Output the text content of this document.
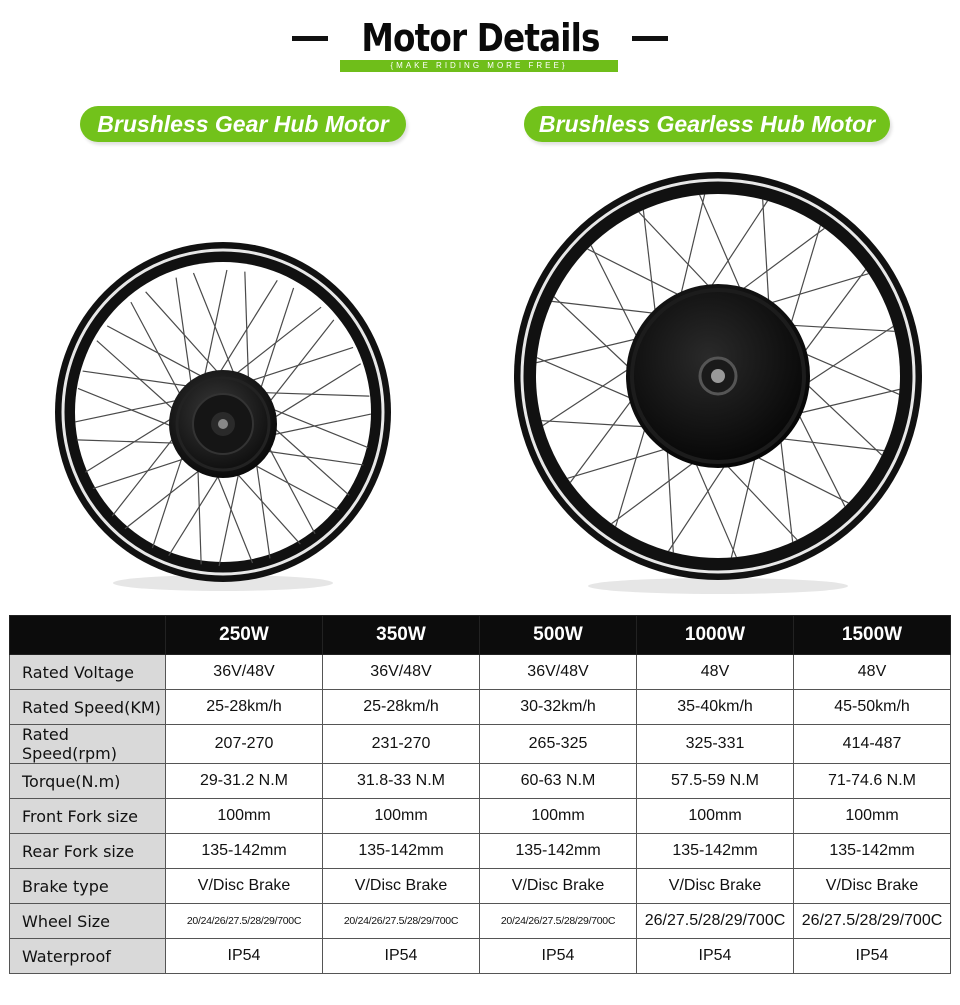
Motor Details
{MAKE RIDING MORE FREE}
Brushless Gear Hub Motor	Brushless Gearless Hub Motor
	250W	350W	500W	1000W	1500W
Rated Voltage	36V/48V	36V/48V	36V/48V	48V	48V
Rated Speed(KM)	25-28km/h	25-28km/h	30-32km/h	35-40km/h	45-50km/h
Rated Speed(rpm)	207-270	231-270	265-325	325-331	414-487
Torque(N.m)	29-31.2 N.M	31.8-33 N.M	60-63 N.M	57.5-59 N.M	71-74.6 N.M
Front Fork size	100mm	100mm	100mm	100mm	100mm
Rear Fork size	135-142mm	135-142mm	135-142mm	135-142mm	135-142mm
Brake type	V/Disc Brake	V/Disc Brake	V/Disc Brake	V/Disc Brake	V/Disc Brake
Wheel Size	20/24/26/27.5/28/29/700C	20/24/26/27.5/28/29/700C	20/24/26/27.5/28/29/700C	26/27.5/28/29/700C	26/27.5/28/29/700C
Waterproof	IP54	IP54	IP54	IP54	IP54
